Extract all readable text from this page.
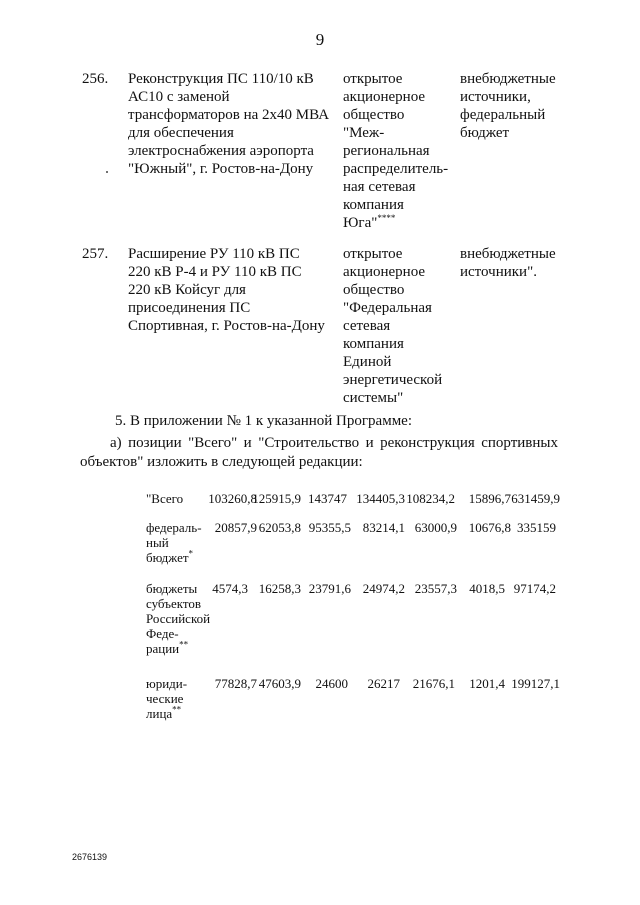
9
256. Реконструкция ПС 110/10 кВ
АС10 с заменой
трансформаторов на 2х40 МВА
для обеспечения
электроснабжения аэропорта
"Южный", г. Ростов-на-Дону
открытое
акционерное
общество
"Меж-
региональная
распределитель-
ная сетевая
компания
Юга"****
внебюджетные
источники,
федеральный
бюджет
257. Расширение РУ 110 кВ ПС
220 кВ Р-4 и РУ 110 кВ ПС
220 кВ Койсуг для
присоединения ПС
Спортивная, г. Ростов-на-Дону
открытое
акционерное
общество
"Федеральная
сетевая
компания
Единой
энергетической
системы"
внебюджетные
источники".
5. В приложении № 1 к указанной Программе:
а) позиции "Всего" и "Строительство и реконструкция спортивных
объектов" изложить в следующей редакции:
"Всего	103260,8
125915,9 143747 134405,3 108234,2 15896,7 631459,9
федераль-
ный
бюджет*
20857,9 62053,8 95355,5 83214,1 63000,9 10676,8 335159
бюджеты
субъектов
Российской
Феде-
рации**
4574,3 16258,3 23791,6 24974,2 23557,3 4018,5 97174,2
юриди-
ческие
лица**
77828,7 47603,9 24600 26217 21676,1 1201,4 199127,1
2676139
